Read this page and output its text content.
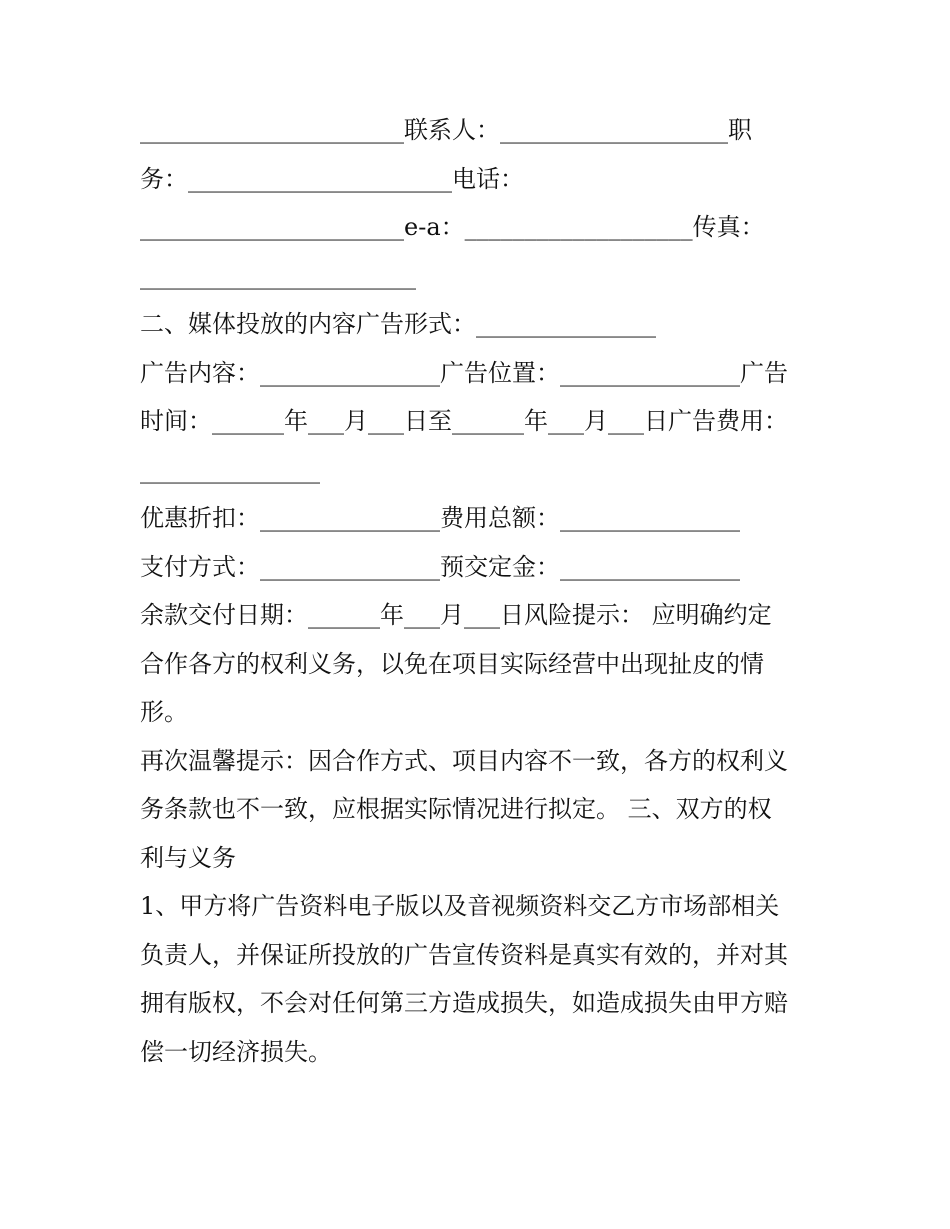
______________________联系人：___________________职
务：______________________电话：
______________________e-a：___________________传真：
_______________________
二、媒体投放的内容广告形式：_______________
广告内容：_______________广告位置：_______________广告
时间：______年___月___日至______年___月___日广告费用：
_______________
优惠折扣：_______________费用总额：_______________
支付方式：_______________预交定金：_______________
余款交付日期：______年___月___日风险提示： 应明确约定
合作各方的权利义务，以免在项目实际经营中出现扯皮的情
形。
再次温馨提示：因合作方式、项目内容不一致，各方的权利义
务条款也不一致，应根据实际情况进行拟定。 三、双方的权
利与义务
1、甲方将广告资料电子版以及音视频资料交乙方市场部相关
负责人，并保证所投放的广告宣传资料是真实有效的，并对其
拥有版权，不会对任何第三方造成损失，如造成损失由甲方赔
偿一切经济损失。
